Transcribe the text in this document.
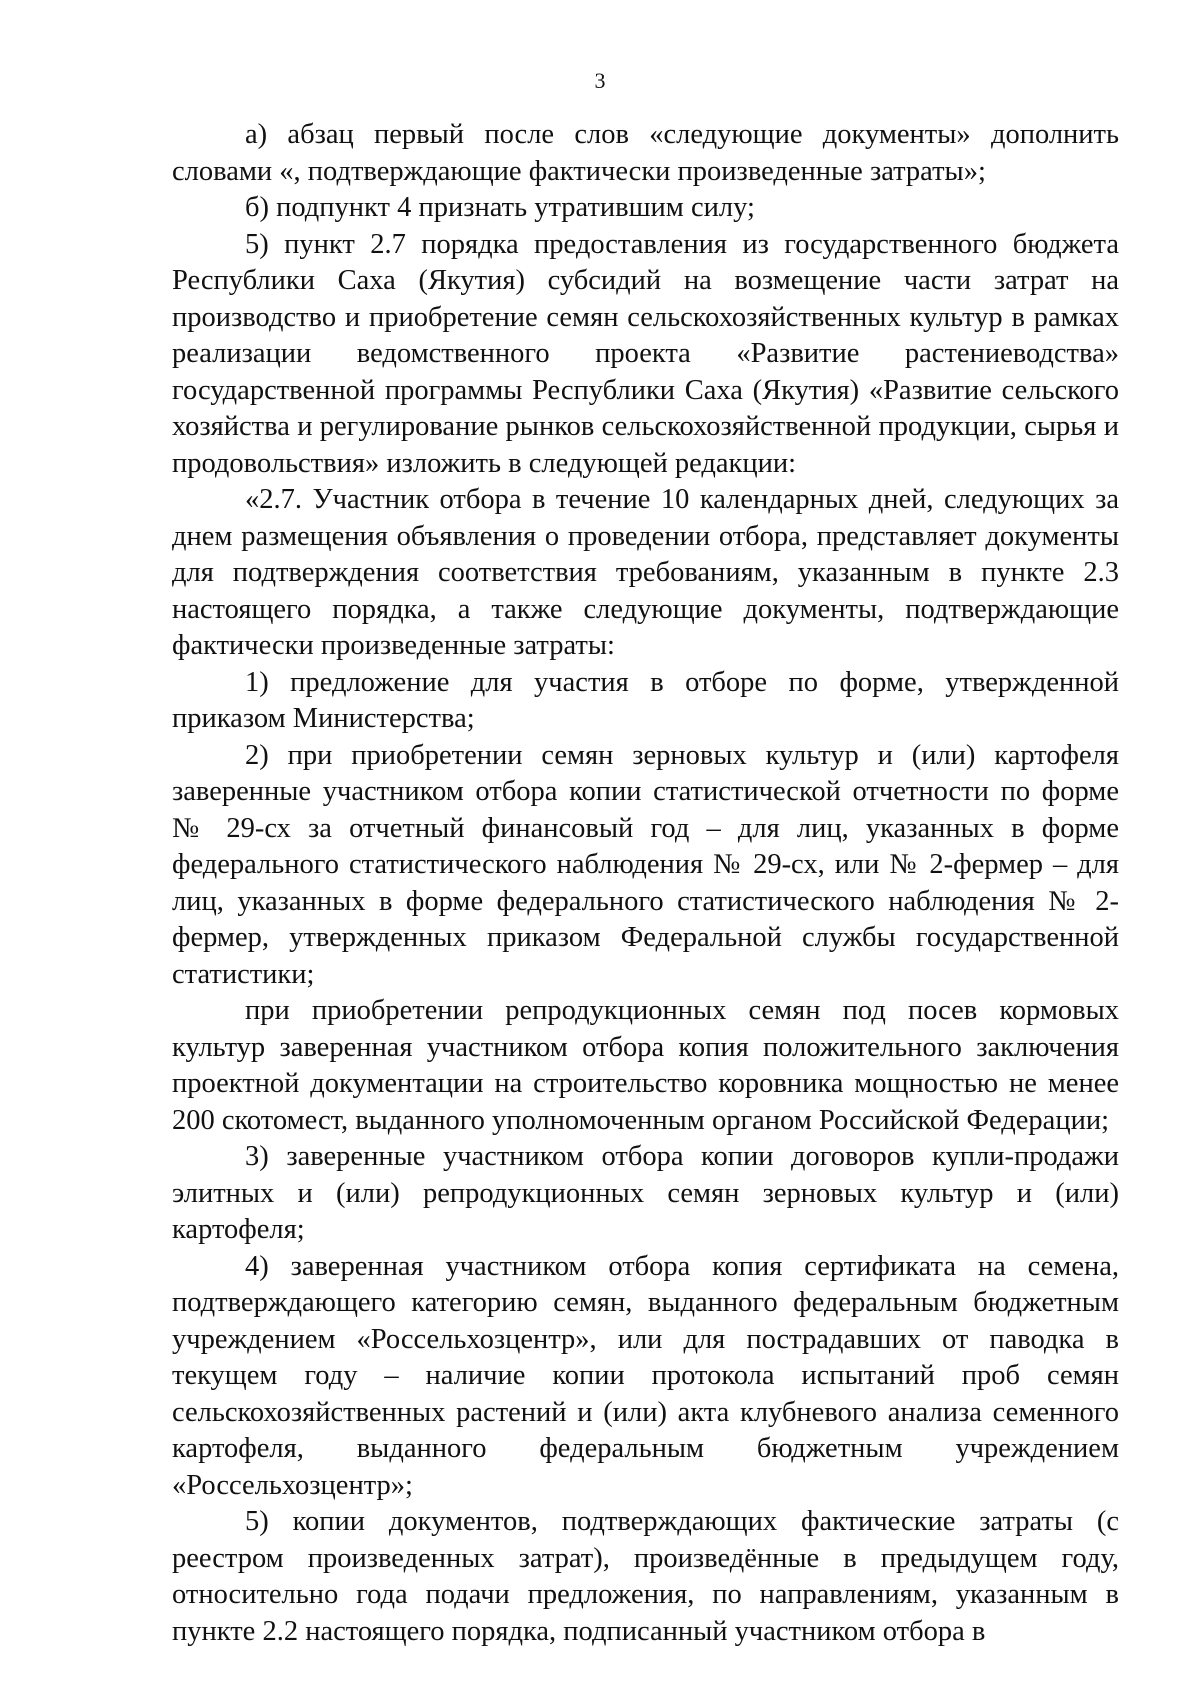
3

а) абзац первый после слов «следующие документы» дополнить словами «, подтверждающие фактически произведенные затраты»;

б) подпункт 4 признать утратившим силу;

5) пункт 2.7 порядка предоставления из государственного бюджета Республики Саха (Якутия) субсидий на возмещение части затрат на производство и приобретение семян сельскохозяйственных культур в рамках реализации ведомственного проекта «Развитие растениеводства» государственной программы Республики Саха (Якутия) «Развитие сельского хозяйства и регулирование рынков сельскохозяйственной продукции, сырья и продовольствия» изложить в следующей редакции:

«2.7. Участник отбора в течение 10 календарных дней, следующих за днем размещения объявления о проведении отбора, представляет документы для подтверждения соответствия требованиям, указанным в пункте 2.3 настоящего порядка, а также следующие документы, подтверждающие фактически произведенные затраты:

1) предложение для участия в отборе по форме, утвержденной приказом Министерства;

2) при приобретении семян зерновых культур и (или) картофеля заверенные участником отбора копии статистической отчетности по форме № 29-сх за отчетный финансовый год – для лиц, указанных в форме федерального статистического наблюдения № 29-сх, или № 2-фермер – для лиц, указанных в форме федерального статистического наблюдения № 2-фермер, утвержденных приказом Федеральной службы государственной статистики;

при приобретении репродукционных семян под посев кормовых культур заверенная участником отбора копия положительного заключения проектной документации на строительство коровника мощностью не менее 200 скотомест, выданного уполномоченным органом Российской Федерации;

3) заверенные участником отбора копии договоров купли-продажи элитных и (или) репродукционных семян зерновых культур и (или) картофеля;

4) заверенная участником отбора копия сертификата на семена, подтверждающего категорию семян, выданного федеральным бюджетным учреждением «Россельхозцентр», или для пострадавших от паводка в текущем году – наличие копии протокола испытаний проб семян сельскохозяйственных растений и (или) акта клубневого анализа семенного картофеля, выданного федеральным бюджетным учреждением «Россельхозцентр»;

5) копии документов, подтверждающих фактические затраты (с реестром произведенных затрат), произведённые в предыдущем году, относительно года подачи предложения, по направлениям, указанным в пункте 2.2 настоящего порядка, подписанный участником отбора в
